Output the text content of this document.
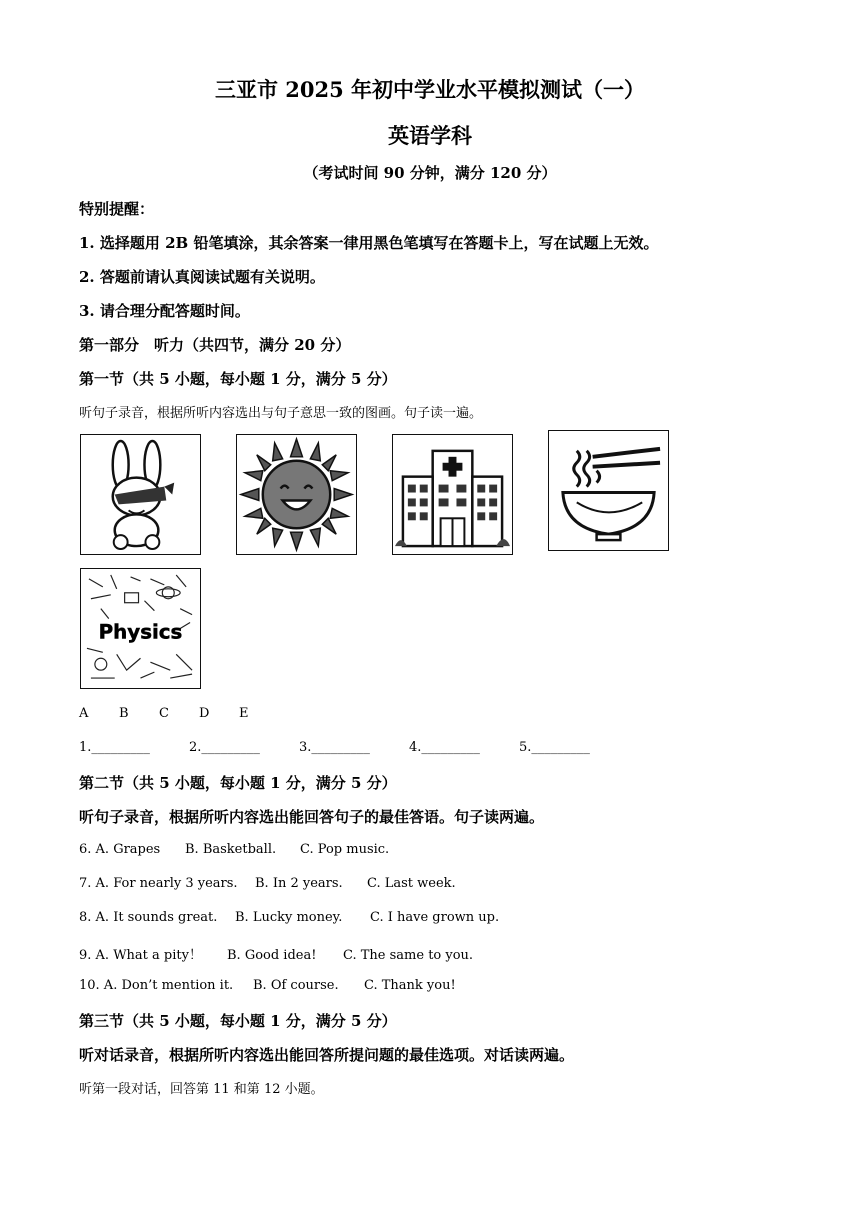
三亚市 2025 年初中学业水平模拟测试（一）
英语学科
（考试时间 90 分钟，满分 120 分）
特别提醒：
1. 选择题用 2B 铅笔填涂，其余答案一律用黑色笔填写在答题卡上，写在试题上无效。
2. 答题前请认真阅读试题有关说明。
3. 请合理分配答题时间。
第一部分　听力（共四节，满分 20 分）
第一节（共 5 小题，每小题 1 分，满分 5 分）
听句子录音，根据所听内容选出与句子意思一致的图画。句子读一遍。
Physics
A B C D E
1._________	2._________	3._________	4._________	5._________
第二节（共 5 小题，每小题 1 分，满分 5 分）
听句子录音，根据所听内容选出能回答句子的最佳答语。句子读两遍。
6. A. Grapes B. Basketball. C. Pop music.
7. A. For nearly 3 years. B. In 2 years. C. Last week.
8. A. It sounds great. B. Lucky money. C. I have grown up.
9. A. What a pity！ B. Good idea! C. The same to you.
10. A. Don’t mention it. B. Of course. C. Thank you!
第三节（共 5 小题，每小题 1 分，满分 5 分）
听对话录音，根据所听内容选出能回答所提问题的最佳选项。对话读两遍。
听第一段对话，回答第 11 和第 12 小题。
